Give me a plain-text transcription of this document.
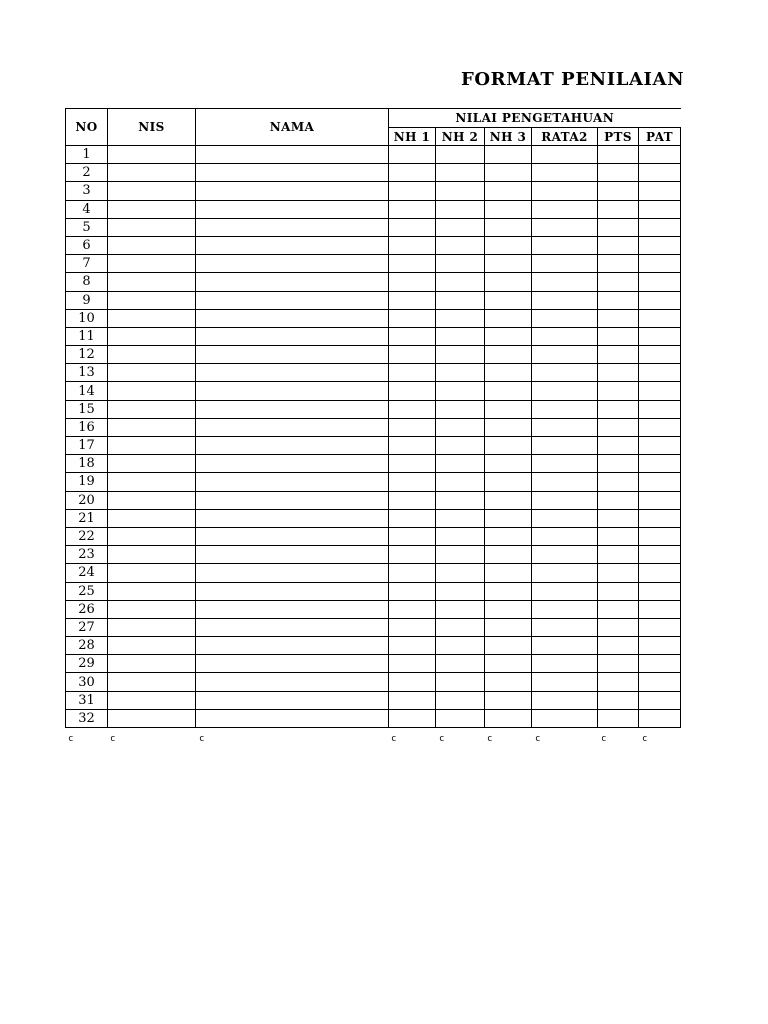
FORMAT PENILAIAN
NO	NIS	NAMA	NILAI PENGETAHUAN					
			NH 1	NH 2	NH 3	RATA2	PTS	PAT
1								
2								
3								
4								
5								
6								
7								
8								
9								
10								
11								
12								
13								
14								
15								
16								
17								
18								
19								
20								
21								
22								
23								
24								
25								
26								
27								
28								
29								
30								
31								
32								
c	c	c	c	c	c	c	c	c
